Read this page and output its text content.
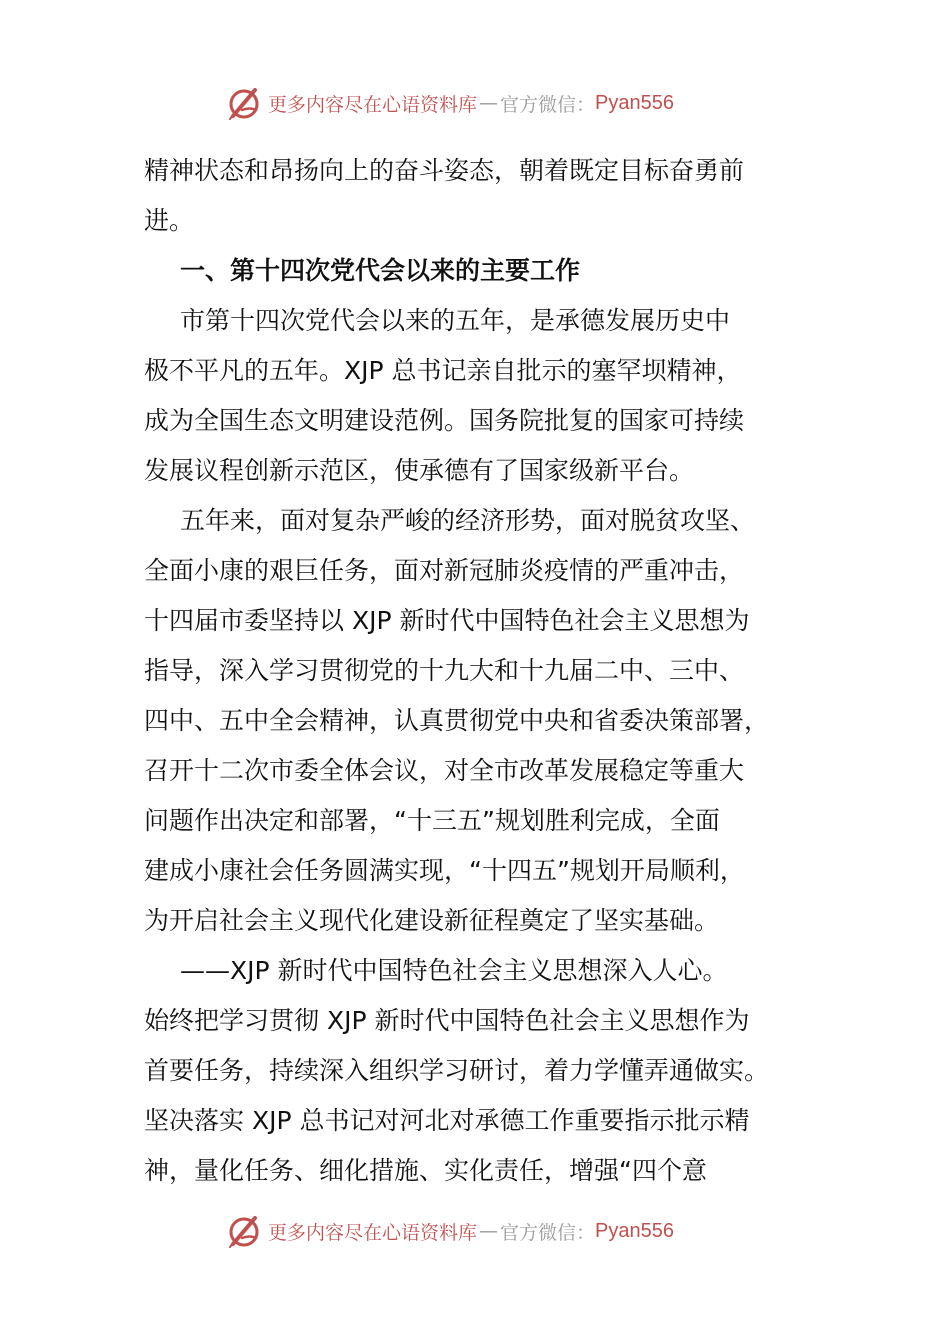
更多内容尽在心语资料库 — 官方微信： Pyan556
精神状态和昂扬向上的奋斗姿态，朝着既定目标奋勇前
进。
一、第十四次党代会以来的主要工作
市第十四次党代会以来的五年，是承德发展历史中
极不平凡的五年。XJP 总书记亲自批示的塞罕坝精神，
成为全国生态文明建设范例。国务院批复的国家可持续
发展议程创新示范区，使承德有了国家级新平台。
五年来，面对复杂严峻的经济形势，面对脱贫攻坚、
全面小康的艰巨任务，面对新冠肺炎疫情的严重冲击，
十四届市委坚持以 XJP 新时代中国特色社会主义思想为
指导，深入学习贯彻党的十九大和十九届二中、三中、
四中、五中全会精神，认真贯彻党中央和省委决策部署，
召开十二次市委全体会议，对全市改革发展稳定等重大
问题作出决定和部署，“十三五”规划胜利完成，全面
建成小康社会任务圆满实现，“十四五”规划开局顺利，
为开启社会主义现代化建设新征程奠定了坚实基础。
——XJP 新时代中国特色社会主义思想深入人心。
始终把学习贯彻 XJP 新时代中国特色社会主义思想作为
首要任务，持续深入组织学习研讨，着力学懂弄通做实。
坚决落实 XJP 总书记对河北对承德工作重要指示批示精
神，量化任务、细化措施、实化责任，增强“四个意
更多内容尽在心语资料库 — 官方微信： Pyan556
